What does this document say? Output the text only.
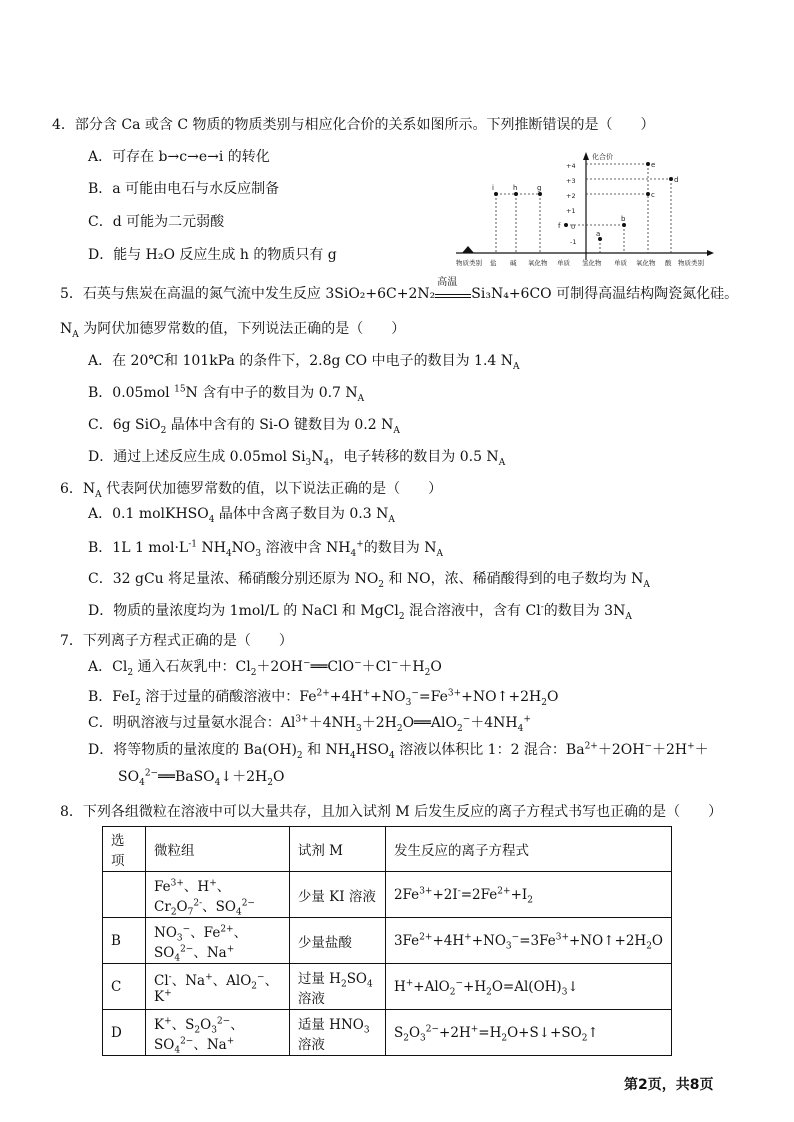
4．部分含 Ca 或含 C 物质的物质类别与相应化合价的关系如图所示。下列推断错误的是（　　）
A．可存在 b→c→e→i 的转化
B．a 可能由电石与水反应制备
C．d 可能为二元弱酸
D．能与 H₂O 反应生成 h 的物质只有 g
化合价
+4
+3
+2
+1
0
-1
i	h	g
f
a
b
c
d
e
物质类别 盐 碱 氧化物 单质 氢化物 单质 氧化物 酸 物质类别
5．石英与焦炭在高温的氮气流中发生反应 3SiO₂+6C+2N₂
高温
Si₃N₄+6CO 可制得高温结构陶瓷氮化硅。
$N_A$ 为阿伏加德罗常数的值，下列说法正确的是（　　）
A．在 20℃和 101kPa 的条件下，2.8g CO 中电子的数目为 1.4 $N_A$
B．0.05mol $^{15}$N 含有中子的数目为 0.7 $N_A$
C．6g SiO$_2$ 晶体中含有的 Si-O 键数目为 0.2 $N_A$
D．通过上述反应生成 0.05mol $Si_3N_4$，电子转移的数目为 0.5 $N_A$
6．$N_A$ 代表阿伏加德罗常数的值，以下说法正确的是（　　）
A．0.1 molKHSO$_4$ 晶体中含离子数目为 0.3 $N_A$
B．1L 1 $mol\cdot L^{-1}$ $NH_4NO_3$ 溶液中含 $NH_4^+$的数目为 $N_A$
C．32 gCu 将足量浓、稀硝酸分别还原为 $NO_2$ 和 NO，浓、稀硝酸得到的电子数均为 $N_A$
D．物质的量浓度均为 1mol/L 的 NaCl 和 MgCl$_2$ 混合溶液中，含有 Cl-的数目为 $3N_A$
7．下列离子方程式正确的是（　　）
A．$Cl_2$ 通入石灰乳中：$Cl_2+2OH^-══ClO^-+Cl^-+H_2O$
B．FeI$_2$ 溶于过量的硝酸溶液中：$Fe^{2+}+4H^++NO_3^-=Fe^{3+}+NO↑+2H_2O$
C．明矾溶液与过量氨水混合：$Al^{3+}+4NH_3+2H_2O══AlO_2^-+4NH_4^+$
D．将等物质的量浓度的 $Ba(OH)_2$ 和 $NH_4HSO_4$ 溶液以体积比 1：2 混合：$Ba^{2+}+2OH^-+2H^++$
$SO_4^{2-}══BaSO_4↓+2H_2O$
8．下列各组微粒在溶液中可以大量共存，且加入试剂 M 后发生反应的离子方程式书写也正确的是（　　）
选项	微粒组	试剂 M	发生反应的离子方程式
	$Fe^{3+}$、H+、$Cr_2O_7^{2-}$、$SO_4^{2-}$	少量 KI 溶液	$2Fe^{3+}+2I^-=2Fe^{2+}+I_2$
B	$NO_3^-$、$Fe^{2+}$、$SO_4^{2-}$、Na+	少量盐酸	$3Fe^{2+}+4H^++NO_3^-=3Fe^{3+}+NO↑+2H_2O$
C	Cl-、Na+、AlO$_2$−、K+	过量 $H_2SO_4$ 溶液	$H^++AlO_2^-+H_2O=Al(OH)_3↓$
D	K+、$S_2O_3^{2-}$、$SO_4^{2-}$、Na+	适量 $HNO_3$ 溶液	$S_2O_3^{2-}+2H^+=H_2O+S↓+SO_2↑$
第2页，共8页
